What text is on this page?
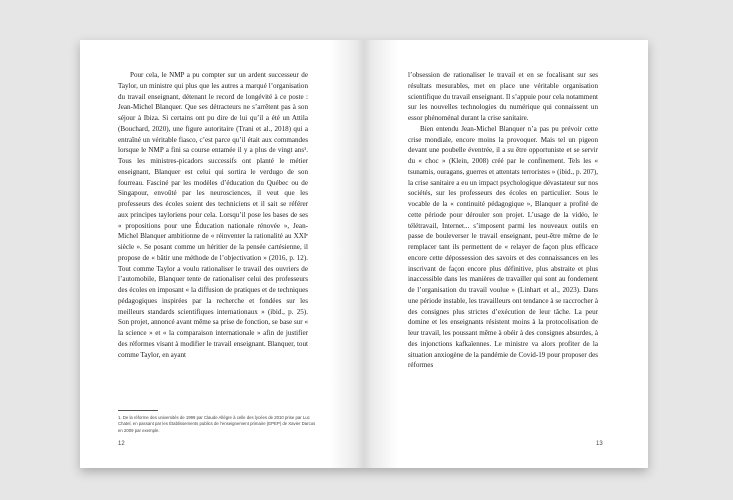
Pour cela, le NMP a pu compter sur un ardent successeur de Taylor, un ministre qui plus que les autres a marqué l’organisation du travail enseignant, détenant le record de longévité à ce poste : Jean-Michel Blanquer. Que ses détracteurs ne s’arrêtent pas à son séjour à Ibiza. Si certains ont pu dire de lui qu’il a été un Attila (Bouchard, 2020), une figure autoritaire (Trani et al., 2018) qui a entraîné un véritable fiasco, c’est parce qu’il était aux commandes lorsque le NMP a fini sa course entamée il y a plus de vingt ans¹. Tous les ministres-picadors successifs ont planté le métier enseignant, Blanquer est celui qui sortira le verdugo de son fourreau. Fasciné par les modèles d’éducation du Québec ou de Singapour, envoûté par les neurosciences, il veut que les professeurs des écoles soient des techniciens et il sait se référer aux principes tayloriens pour cela. Lorsqu’il pose les bases de ses « propositions pour une Éducation nationale rénovée », Jean-Michel Blanquer ambitionne de « réinventer la rationalité au XXIᵉ siècle ». Se posant comme un héritier de la pensée cartésienne, il propose de « bâtir une méthode de l’objectivation » (2016, p. 12). Tout comme Taylor a voulu rationaliser le travail des ouvriers de l’automobile, Blanquer tente de rationaliser celui des professeurs des écoles en imposant « la diffusion de pratiques et de techniques pédagogiques inspirées par la recherche et fondées sur les meilleurs standards scientifiques internationaux » (ibid., p. 25). Son projet, annoncé avant même sa prise de fonction, se base sur « la science » et « la comparaison internationale » afin de justifier des réformes visant à modifier le travail enseignant. Blanquer, tout comme Taylor, en ayant

1. De la réforme des universités de 1999 par Claude Allègre à celle des lycées de 2010 prise par Luc Chatel, en passant par les Établissements publics de l’enseignement primaire (EPEP) de Xavier Darcos en 2009 par exemple.
12

l’obsession de rationaliser le travail et en se focalisant sur ses résultats mesurables, met en place une véritable organisation scientifique du travail enseignant. Il s’appuie pour cela notamment sur les nouvelles technologies du numérique qui connaissent un essor phénoménal durant la crise sanitaire.

Bien entendu Jean-Michel Blanquer n’a pas pu prévoir cette crise mondiale, encore moins la provoquer. Mais tel un pigeon devant une poubelle éventrée, il a su être opportuniste et se servir du « choc » (Klein, 2008) créé par le confinement. Tels les « tsunamis, ouragans, guerres et attentats terroristes » (ibid., p. 207), la crise sanitaire a eu un impact psychologique dévastateur sur nos sociétés, sur les professeurs des écoles en particulier. Sous le vocable de la « continuité pédagogique », Blanquer a profité de cette période pour dérouler son projet. L’usage de la vidéo, le télétravail, Internet... s’imposent parmi les nouveaux outils en passe de bouleverser le travail enseignant, peut-être même de le remplacer tant ils permettent de « relayer de façon plus efficace encore cette dépossession des savoirs et des connaissances en les inscrivant de façon encore plus définitive, plus abstraite et plus inaccessible dans les manières de travailler qui sont au fondement de l’organisation du travail voulue » (Linhart et al., 2023). Dans une période instable, les travailleurs ont tendance à se raccrocher à des consignes plus strictes d’exécution de leur tâche. La peur domine et les enseignants résistent moins à la protocolisation de leur travail, les poussant même à obéir à des consignes absurdes, à des injonctions kafkaïennes. Le ministre va alors profiter de la situation anxiogène de la pandémie de Covid-19 pour proposer des réformes

13
